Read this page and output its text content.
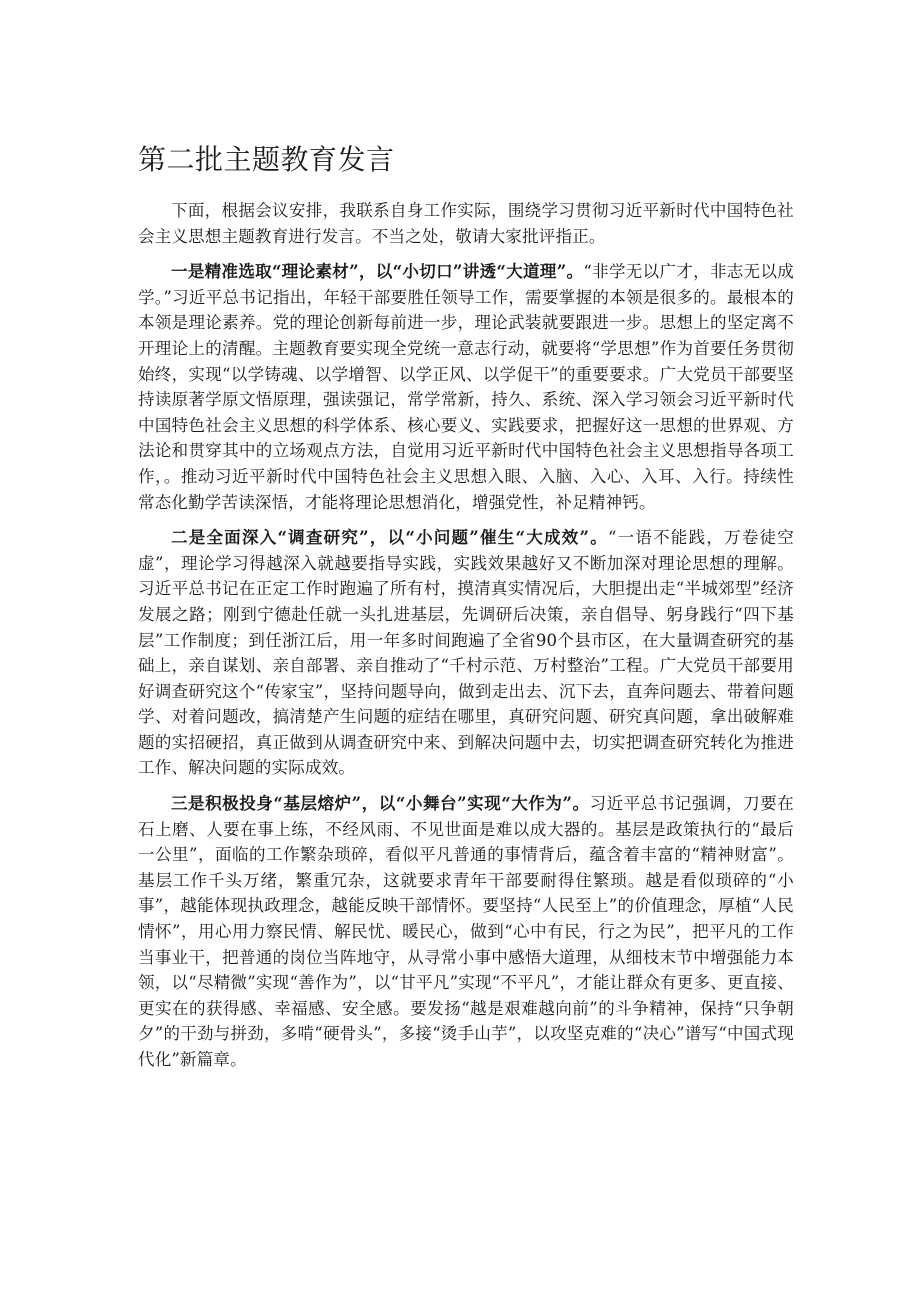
第二批主题教育发言

下面，根据会议安排，我联系自身工作实际，围绕学习贯彻习近平新时代中国特色社会主义思想主题教育进行发言。不当之处，敬请大家批评指正。

一是精准选取“理论素材”，以“小切口”讲透“大道理”。“非学无以广才，非志无以成学。”习近平总书记指出，年轻干部要胜任领导工作，需要掌握的本领是很多的。最根本的本领是理论素养。党的理论创新每前进一步，理论武装就要跟进一步。思想上的坚定离不开理论上的清醒。主题教育要实现全党统一意志行动，就要将“学思想”作为首要任务贯彻始终，实现“以学铸魂、以学增智、以学正风、以学促干”的重要要求。广大党员干部要坚持读原著学原文悟原理，强读强记，常学常新，持久、系统、深入学习领会习近平新时代中国特色社会主义思想的科学体系、核心要义、实践要求，把握好这一思想的世界观、方法论和贯穿其中的立场观点方法，自觉用习近平新时代中国特色社会主义思想指导各项工作，。推动习近平新时代中国特色社会主义思想入眼、入脑、入心、入耳、入行。持续性常态化勤学苦读深悟，才能将理论思想消化，增强党性，补足精神钙。

二是全面深入“调查研究”，以“小问题”催生“大成效”。“一语不能践，万卷徒空虚”，理论学习得越深入就越要指导实践，实践效果越好又不断加深对理论思想的理解。习近平总书记在正定工作时跑遍了所有村，摸清真实情况后，大胆提出走“半城郊型”经济发展之路；刚到宁德赴任就一头扎进基层，先调研后决策，亲自倡导、躬身践行“四下基层”工作制度；到任浙江后，用一年多时间跑遍了全省90个县市区，在大量调查研究的基础上，亲自谋划、亲自部署、亲自推动了“千村示范、万村整治”工程。广大党员干部要用好调查研究这个“传家宝”，坚持问题导向，做到走出去、沉下去，直奔问题去、带着问题学、对着问题改，搞清楚产生问题的症结在哪里，真研究问题、研究真问题，拿出破解难题的实招硬招，真正做到从调查研究中来、到解决问题中去，切实把调查研究转化为推进工作、解决问题的实际成效。

三是积极投身“基层熔炉”，以“小舞台”实现“大作为”。习近平总书记强调，刀要在石上磨、人要在事上练，不经风雨、不见世面是难以成大器的。基层是政策执行的“最后一公里”，面临的工作繁杂琐碎，看似平凡普通的事情背后，蕴含着丰富的“精神财富”。基层工作千头万绪，繁重冗杂，这就要求青年干部要耐得住繁琐。越是看似琐碎的“小事”，越能体现执政理念，越能反映干部情怀。要坚持“人民至上”的价值理念，厚植“人民情怀”，用心用力察民情、解民忧、暖民心，做到“心中有民，行之为民”，把平凡的工作当事业干，把普通的岗位当阵地守，从寻常小事中感悟大道理，从细枝末节中增强能力本领，以“尽精微”实现“善作为”，以“甘平凡”实现“不平凡”，才能让群众有更多、更直接、更实在的获得感、幸福感、安全感。要发扬“越是艰难越向前”的斗争精神，保持“只争朝夕”的干劲与拼劲，多啃“硬骨头”，多接“烫手山芋”，以攻坚克难的“决心”谱写“中国式现代化”新篇章。
